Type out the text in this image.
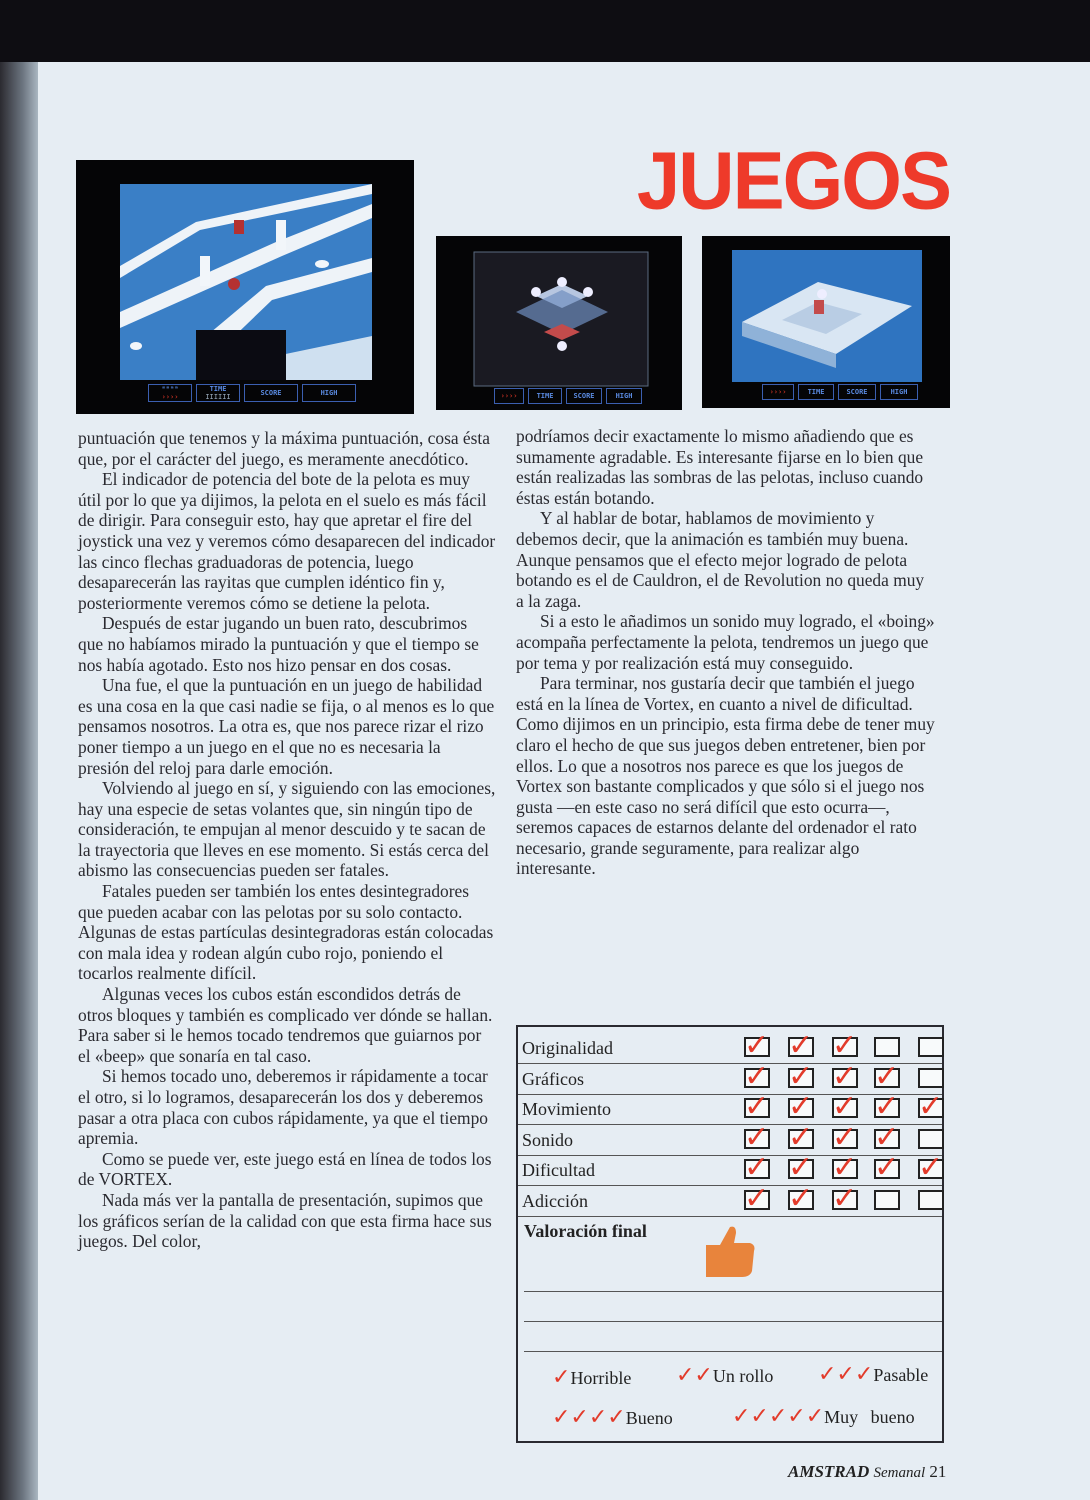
JUEGOS
ᵐᵐᵐᵐ
››››
TIME
IIIIII	SCORE	HIGH	››››	TIME	SCORE	HIGH	››››	TIME	SCORE	HIGH

puntuación que tenemos y la máxima puntuación, cosa ésta que, por el carácter del juego, es meramente anecdótico.

El indicador de potencia del bote de la pelota es muy útil por lo que ya dijimos, la pelota en el suelo es más fácil de dirigir. Para conseguir esto, hay que apretar el fire del joystick una vez y veremos cómo desaparecen del indicador las cinco flechas graduadoras de potencia, luego desaparecerán las rayitas que cumplen idéntico fin y, posteriormente veremos cómo se detiene la pelota.

Después de estar jugando un buen rato, descubrimos que no habíamos mirado la puntuación y que el tiempo se nos había agotado. Esto nos hizo pensar en dos cosas.

Una fue, el que la puntuación en un juego de habilidad es una cosa en la que casi nadie se fija, o al menos es lo que pensamos nosotros. La otra es, que nos parece rizar el rizo poner tiempo a un juego en el que no es necesaria la presión del reloj para darle emoción.

Volviendo al juego en sí, y siguiendo con las emociones, hay una especie de setas volantes que, sin ningún tipo de consideración, te empujan al menor descuido y te sacan de la trayectoria que lleves en ese momento. Si estás cerca del abismo las consecuencias pueden ser fatales.

Fatales pueden ser también los entes desintegradores que pueden acabar con las pelotas por su solo contacto. Algunas de estas partículas desintegradoras están colocadas con mala idea y rodean algún cubo rojo, poniendo el tocarlos realmente difícil.

Algunas veces los cubos están escondidos detrás de otros bloques y también es complicado ver dónde se hallan. Para saber si le hemos tocado tendremos que guiarnos por el «beep» que sonaría en tal caso.

Si hemos tocado uno, deberemos ir rápidamente a tocar el otro, si lo logramos, desaparecerán los dos y deberemos pasar a otra placa con cubos rápidamente, ya que el tiempo apremia.

Como se puede ver, este juego está en línea de todos los de VORTEX.

Nada más ver la pantalla de presentación, supimos que los gráficos serían de la calidad con que esta firma hace sus juegos. Del color,

podríamos decir exactamente lo mismo añadiendo que es sumamente agradable. Es interesante fijarse en lo bien que están realizadas las sombras de las pelotas, incluso cuando éstas están botando.

Y al hablar de botar, hablamos de movimiento y debemos decir, que la animación es también muy buena. Aunque pensamos que el efecto mejor logrado de pelota botando es el de Cauldron, el de Revolution no queda muy a la zaga.

Si a esto le añadimos un sonido muy logrado, el «boing» acompaña perfectamente la pelota, tendremos un juego que por tema y por realización está muy conseguido.

Para terminar, nos gustaría decir que también el juego está en la línea de Vortex, en cuanto a nivel de dificultad. Como dijimos en un principio, esta firma debe de tener muy claro el hecho de que sus juegos deben entretener, bien por ellos. Lo que a nosotros nos parece es que los juegos de Vortex son bastante complicados y que sólo si el juego nos gusta —en este caso no será difícil que esto ocurra—, seremos capaces de estarnos delante del ordenador el rato necesario, grande seguramente, para realizar algo interesante.

Originalidad	✓ ✓ ✓
Gráficos	✓ ✓ ✓ ✓
Movimiento	✓ ✓ ✓ ✓ ✓
Sonido	✓ ✓ ✓ ✓
Dificultad	✓ ✓ ✓ ✓ ✓
Adicción	✓ ✓ ✓
Valoración final
✓Horrible ✓✓Un rollo ✓✓✓Pasable
✓✓✓✓Bueno	✓✓✓✓✓Muy bueno
AMSTRAD Semanal 21
